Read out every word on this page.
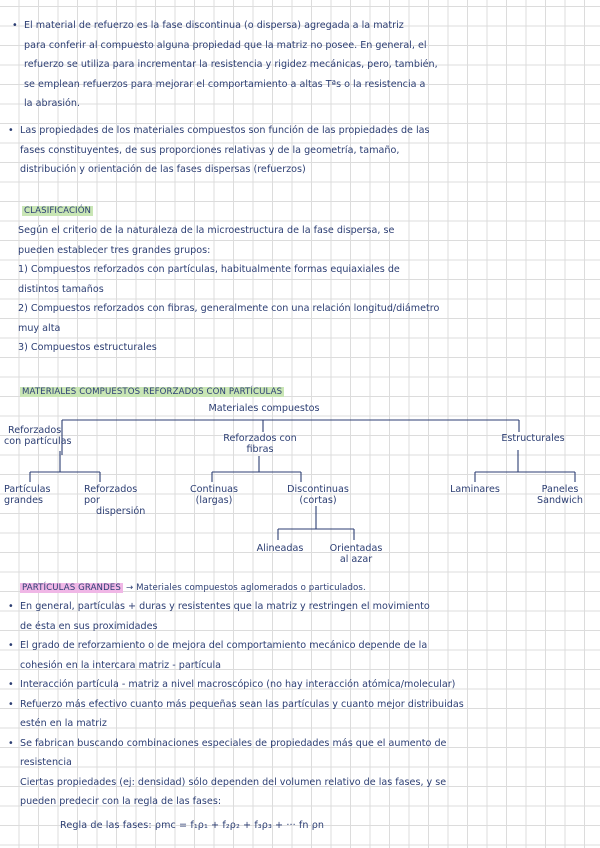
• El material de refuerzo es la fase discontinua (o dispersa) agregada a la matriz

para conferir al compuesto alguna propiedad que la matriz no posee. En general, el

refuerzo se utiliza para incrementar la resistencia y rigidez mecánicas, pero, también,

se emplean refuerzos para mejorar el comportamiento a altas Tªs o la resistencia a

la abrasión.

• Las propiedades de los materiales compuestos son función de las propiedades de las

fases constituyentes, de sus proporciones relativas y de la geometría, tamaño,

distribución y orientación de las fases dispersas (refuerzos)

CLASIFICACIÓN

Según el criterio de la naturaleza de la microestructura de la fase dispersa, se

pueden establecer tres grandes grupos:

1) Compuestos reforzados con partículas, habitualmente formas equiaxiales de

distintos tamaños

2) Compuestos reforzados con fibras, generalmente con una relación longitud/diámetro

muy alta

3) Compuestos estructurales

MATERIALES COMPUESTOS REFORZADOS CON PARTÍCULAS
Materiales compuestos
Reforzados
con partículas	Reforzados con
fibras
Estructurales
Partículas
grandes
Reforzados
por
dispersión
Continuas
(largas)
Discontinuas
(cortas)
Laminares	Paneles
Sandwich
Alineadas	Orientadas
al azar
PARTÍCULAS GRANDES → Materiales compuestos aglomerados o particulados.

• En general, partículas + duras y resistentes que la matriz y restringen el movimiento

de ésta en sus proximidades

• El grado de reforzamiento o de mejora del comportamiento mecánico depende de la

cohesión en la intercara matriz - partícula

• Interacción partícula - matriz a nivel macroscópico (no hay interacción atómica/molecular)

• Refuerzo más efectivo cuanto más pequeñas sean las partículas y cuanto mejor distribuidas

estén en la matriz

• Se fabrican buscando combinaciones especiales de propiedades más que el aumento de

resistencia

Ciertas propiedades (ej: densidad) sólo dependen del volumen relativo de las fases, y se

pueden predecir con la regla de las fases:

Regla de las fases: ρmc = f₁ρ₁ + f₂ρ₂ + f₃ρ₃ + ··· fn ρn
